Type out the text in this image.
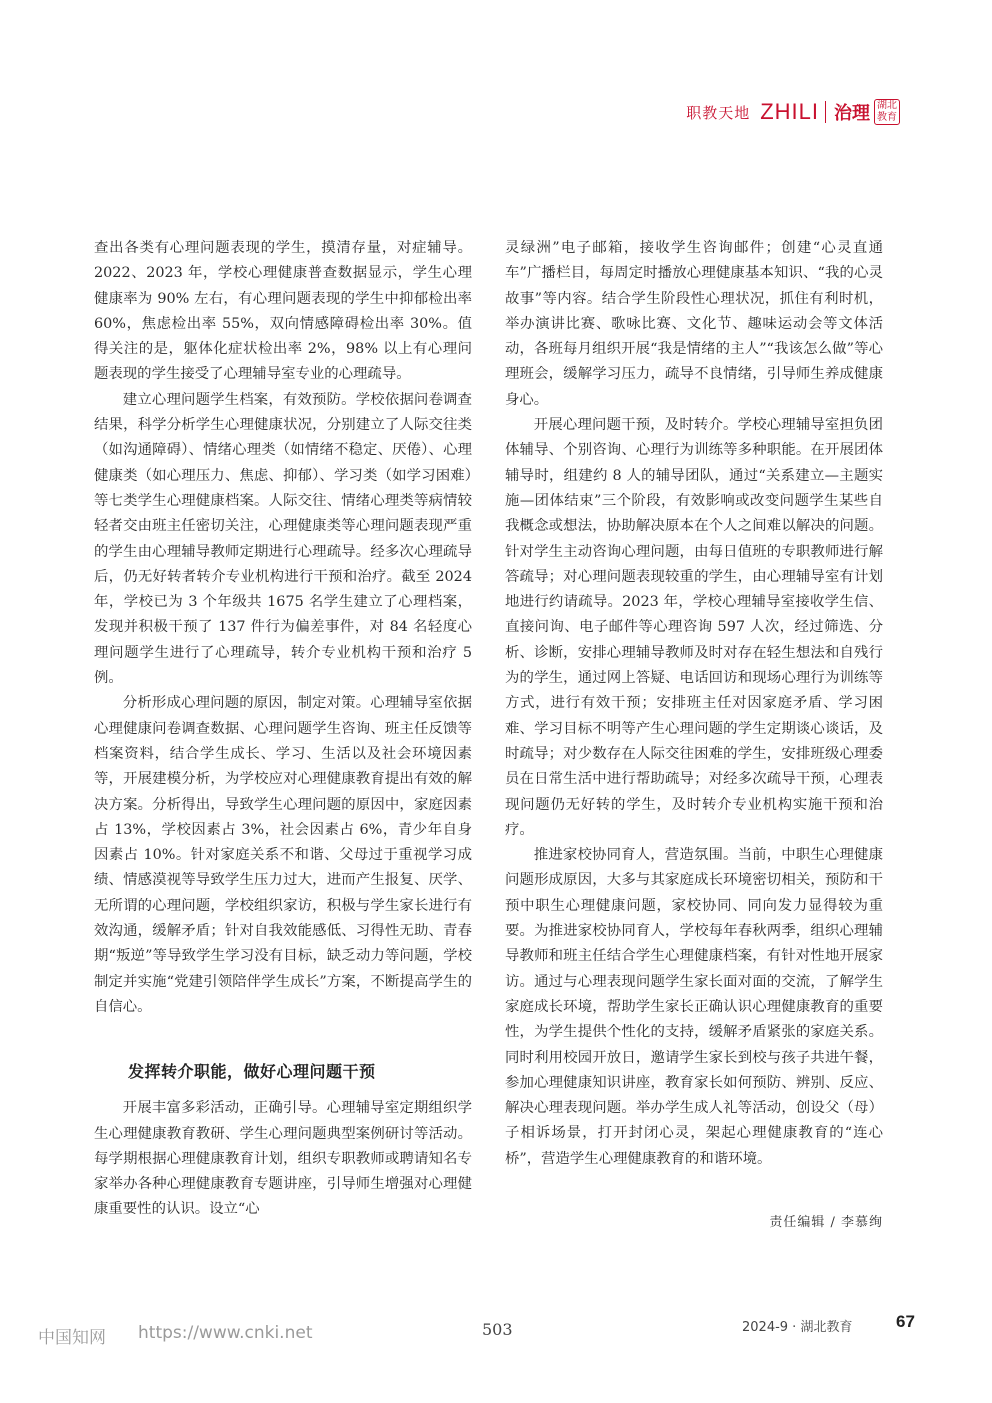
职教天地 ZHILI 治理 湖北教育

查出各类有心理问题表现的学生，摸清存量，对症辅导。2022、2023 年，学校心理健康普查数据显示，学生心理健康率为 90% 左右，有心理问题表现的学生中抑郁检出率 60%，焦虑检出率 55%，双向情感障碍检出率 30%。值得关注的是，躯体化症状检出率 2%，98% 以上有心理问题表现的学生接受了心理辅导室专业的心理疏导。

建立心理问题学生档案，有效预防。学校依据问卷调查结果，科学分析学生心理健康状况，分别建立了人际交往类（如沟通障碍）、情绪心理类（如情绪不稳定、厌倦）、心理健康类（如心理压力、焦虑、抑郁）、学习类（如学习困难）等七类学生心理健康档案。人际交往、情绪心理类等病情较轻者交由班主任密切关注，心理健康类等心理问题表现严重的学生由心理辅导教师定期进行心理疏导。经多次心理疏导后，仍无好转者转介专业机构进行干预和治疗。截至 2024 年，学校已为 3 个年级共 1675 名学生建立了心理档案，发现并积极干预了 137 件行为偏差事件，对 84 名轻度心理问题学生进行了心理疏导，转介专业机构干预和治疗 5 例。

分析形成心理问题的原因，制定对策。心理辅导室依据心理健康问卷调查数据、心理问题学生咨询、班主任反馈等档案资料，结合学生成长、学习、生活以及社会环境因素等，开展建模分析，为学校应对心理健康教育提出有效的解决方案。分析得出，导致学生心理问题的原因中，家庭因素占 13%，学校因素占 3%，社会因素占 6%，青少年自身因素占 10%。针对家庭关系不和谐、父母过于重视学习成绩、情感漠视等导致学生压力过大，进而产生报复、厌学、无所谓的心理问题，学校组织家访，积极与学生家长进行有效沟通，缓解矛盾；针对自我效能感低、习得性无助、青春期“叛逆”等导致学生学习没有目标，缺乏动力等问题，学校制定并实施“党建引领陪伴学生成长”方案，不断提高学生的自信心。

发挥转介职能，做好心理问题干预

开展丰富多彩活动，正确引导。心理辅导室定期组织学生心理健康教育教研、学生心理问题典型案例研讨等活动。每学期根据心理健康教育计划，组织专职教师或聘请知名专家举办各种心理健康教育专题讲座，引导师生增强对心理健康重要性的认识。设立“心

灵绿洲”电子邮箱，接收学生咨询邮件；创建“心灵直通车”广播栏目，每周定时播放心理健康基本知识、“我的心灵故事”等内容。结合学生阶段性心理状况，抓住有利时机，举办演讲比赛、歌咏比赛、文化节、趣味运动会等文体活动，各班每月组织开展“我是情绪的主人”“我该怎么做”等心理班会，缓解学习压力，疏导不良情绪，引导师生养成健康身心。

开展心理问题干预，及时转介。学校心理辅导室担负团体辅导、个别咨询、心理行为训练等多种职能。在开展团体辅导时，组建约 8 人的辅导团队，通过“关系建立—主题实施—团体结束”三个阶段，有效影响或改变问题学生某些自我概念或想法，协助解决原本在个人之间难以解决的问题。针对学生主动咨询心理问题，由每日值班的专职教师进行解答疏导；对心理问题表现较重的学生，由心理辅导室有计划地进行约请疏导。2023 年，学校心理辅导室接收学生信、直接问询、电子邮件等心理咨询 597 人次，经过筛选、分析、诊断，安排心理辅导教师及时对存在轻生想法和自残行为的学生，通过网上答疑、电话回访和现场心理行为训练等方式，进行有效干预；安排班主任对因家庭矛盾、学习困难、学习目标不明等产生心理问题的学生定期谈心谈话，及时疏导；对少数存在人际交往困难的学生，安排班级心理委员在日常生活中进行帮助疏导；对经多次疏导干预，心理表现问题仍无好转的学生，及时转介专业机构实施干预和治疗。

推进家校协同育人，营造氛围。当前，中职生心理健康问题形成原因，大多与其家庭成长环境密切相关，预防和干预中职生心理健康问题，家校协同、同向发力显得较为重要。为推进家校协同育人，学校每年春秋两季，组织心理辅导教师和班主任结合学生心理健康档案，有针对性地开展家访。通过与心理表现问题学生家长面对面的交流，了解学生家庭成长环境，帮助学生家长正确认识心理健康教育的重要性，为学生提供个性化的支持，缓解矛盾紧张的家庭关系。同时利用校园开放日，邀请学生家长到校与孩子共进午餐，参加心理健康知识讲座，教育家长如何预防、辨别、反应、解决心理表现问题。举办学生成人礼等活动，创设父（母）子相诉场景，打开封闭心灵，架起心理健康教育的“连心桥”，营造学生心理健康教育的和谐环境。

责任编辑 / 李慕绚
中国知网 https://www.cnki.net	503	2024-9 · 湖北教育	67
